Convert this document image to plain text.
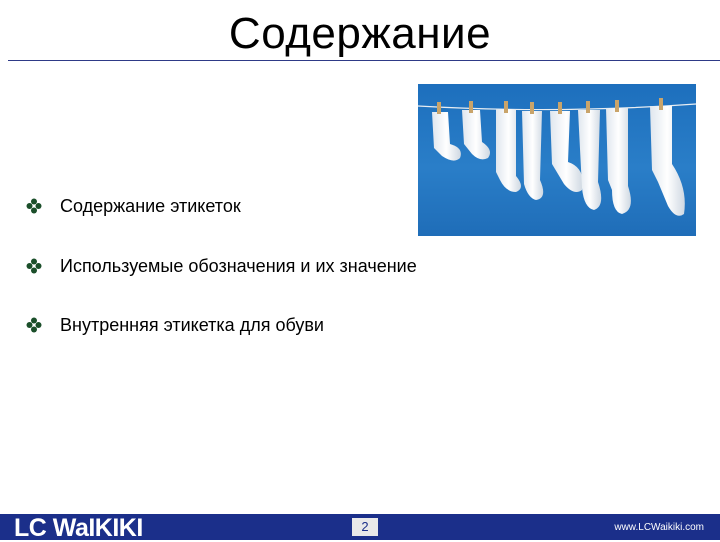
Содержание
Содержание этикеток
Используемые обозначения и их значение
Внутренняя этикетка для обуви
LC WaIKIKI	2	www.LCWaikiki.com
